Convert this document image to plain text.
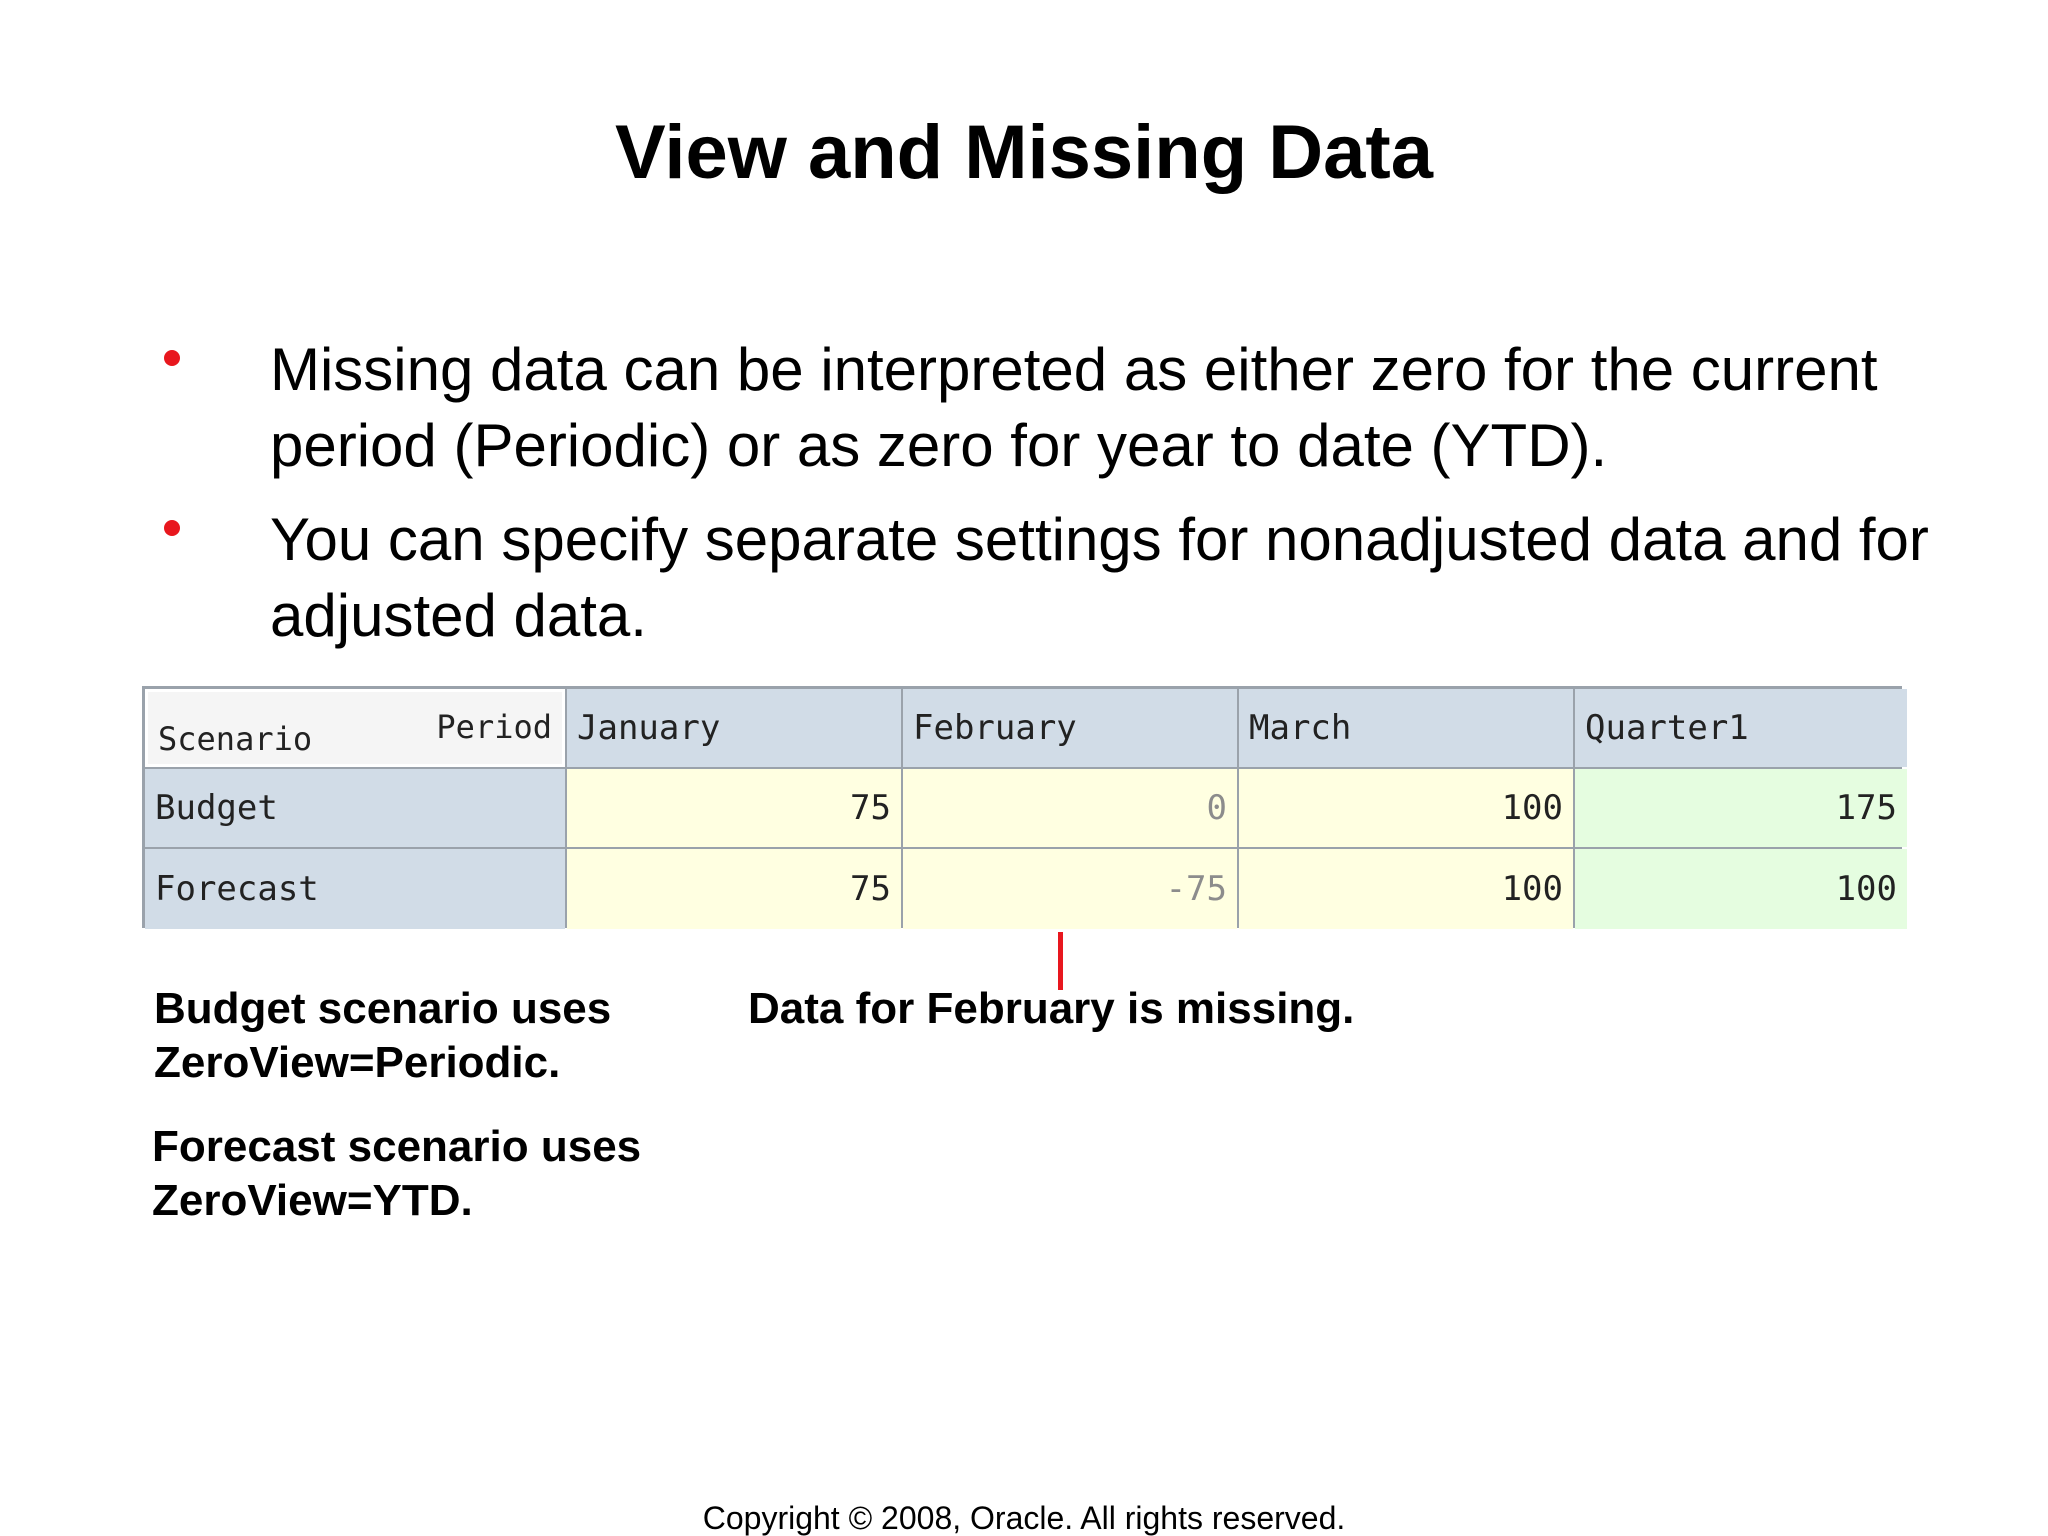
View and Missing Data
Missing data can be interpreted as either zero for the current period (Periodic) or as zero for year to date (YTD).
You can specify separate settings for nonadjusted data and for adjusted data.
Scenario	Period January	February	March	Quarter1
Budget	75	0	100	175
Forecast	75	-75	100	100

Budget scenario uses ZeroView=Periodic.

Forecast scenario uses ZeroView=YTD.

Data for February is missing.

Copyright © 2008, Oracle. All rights reserved.
